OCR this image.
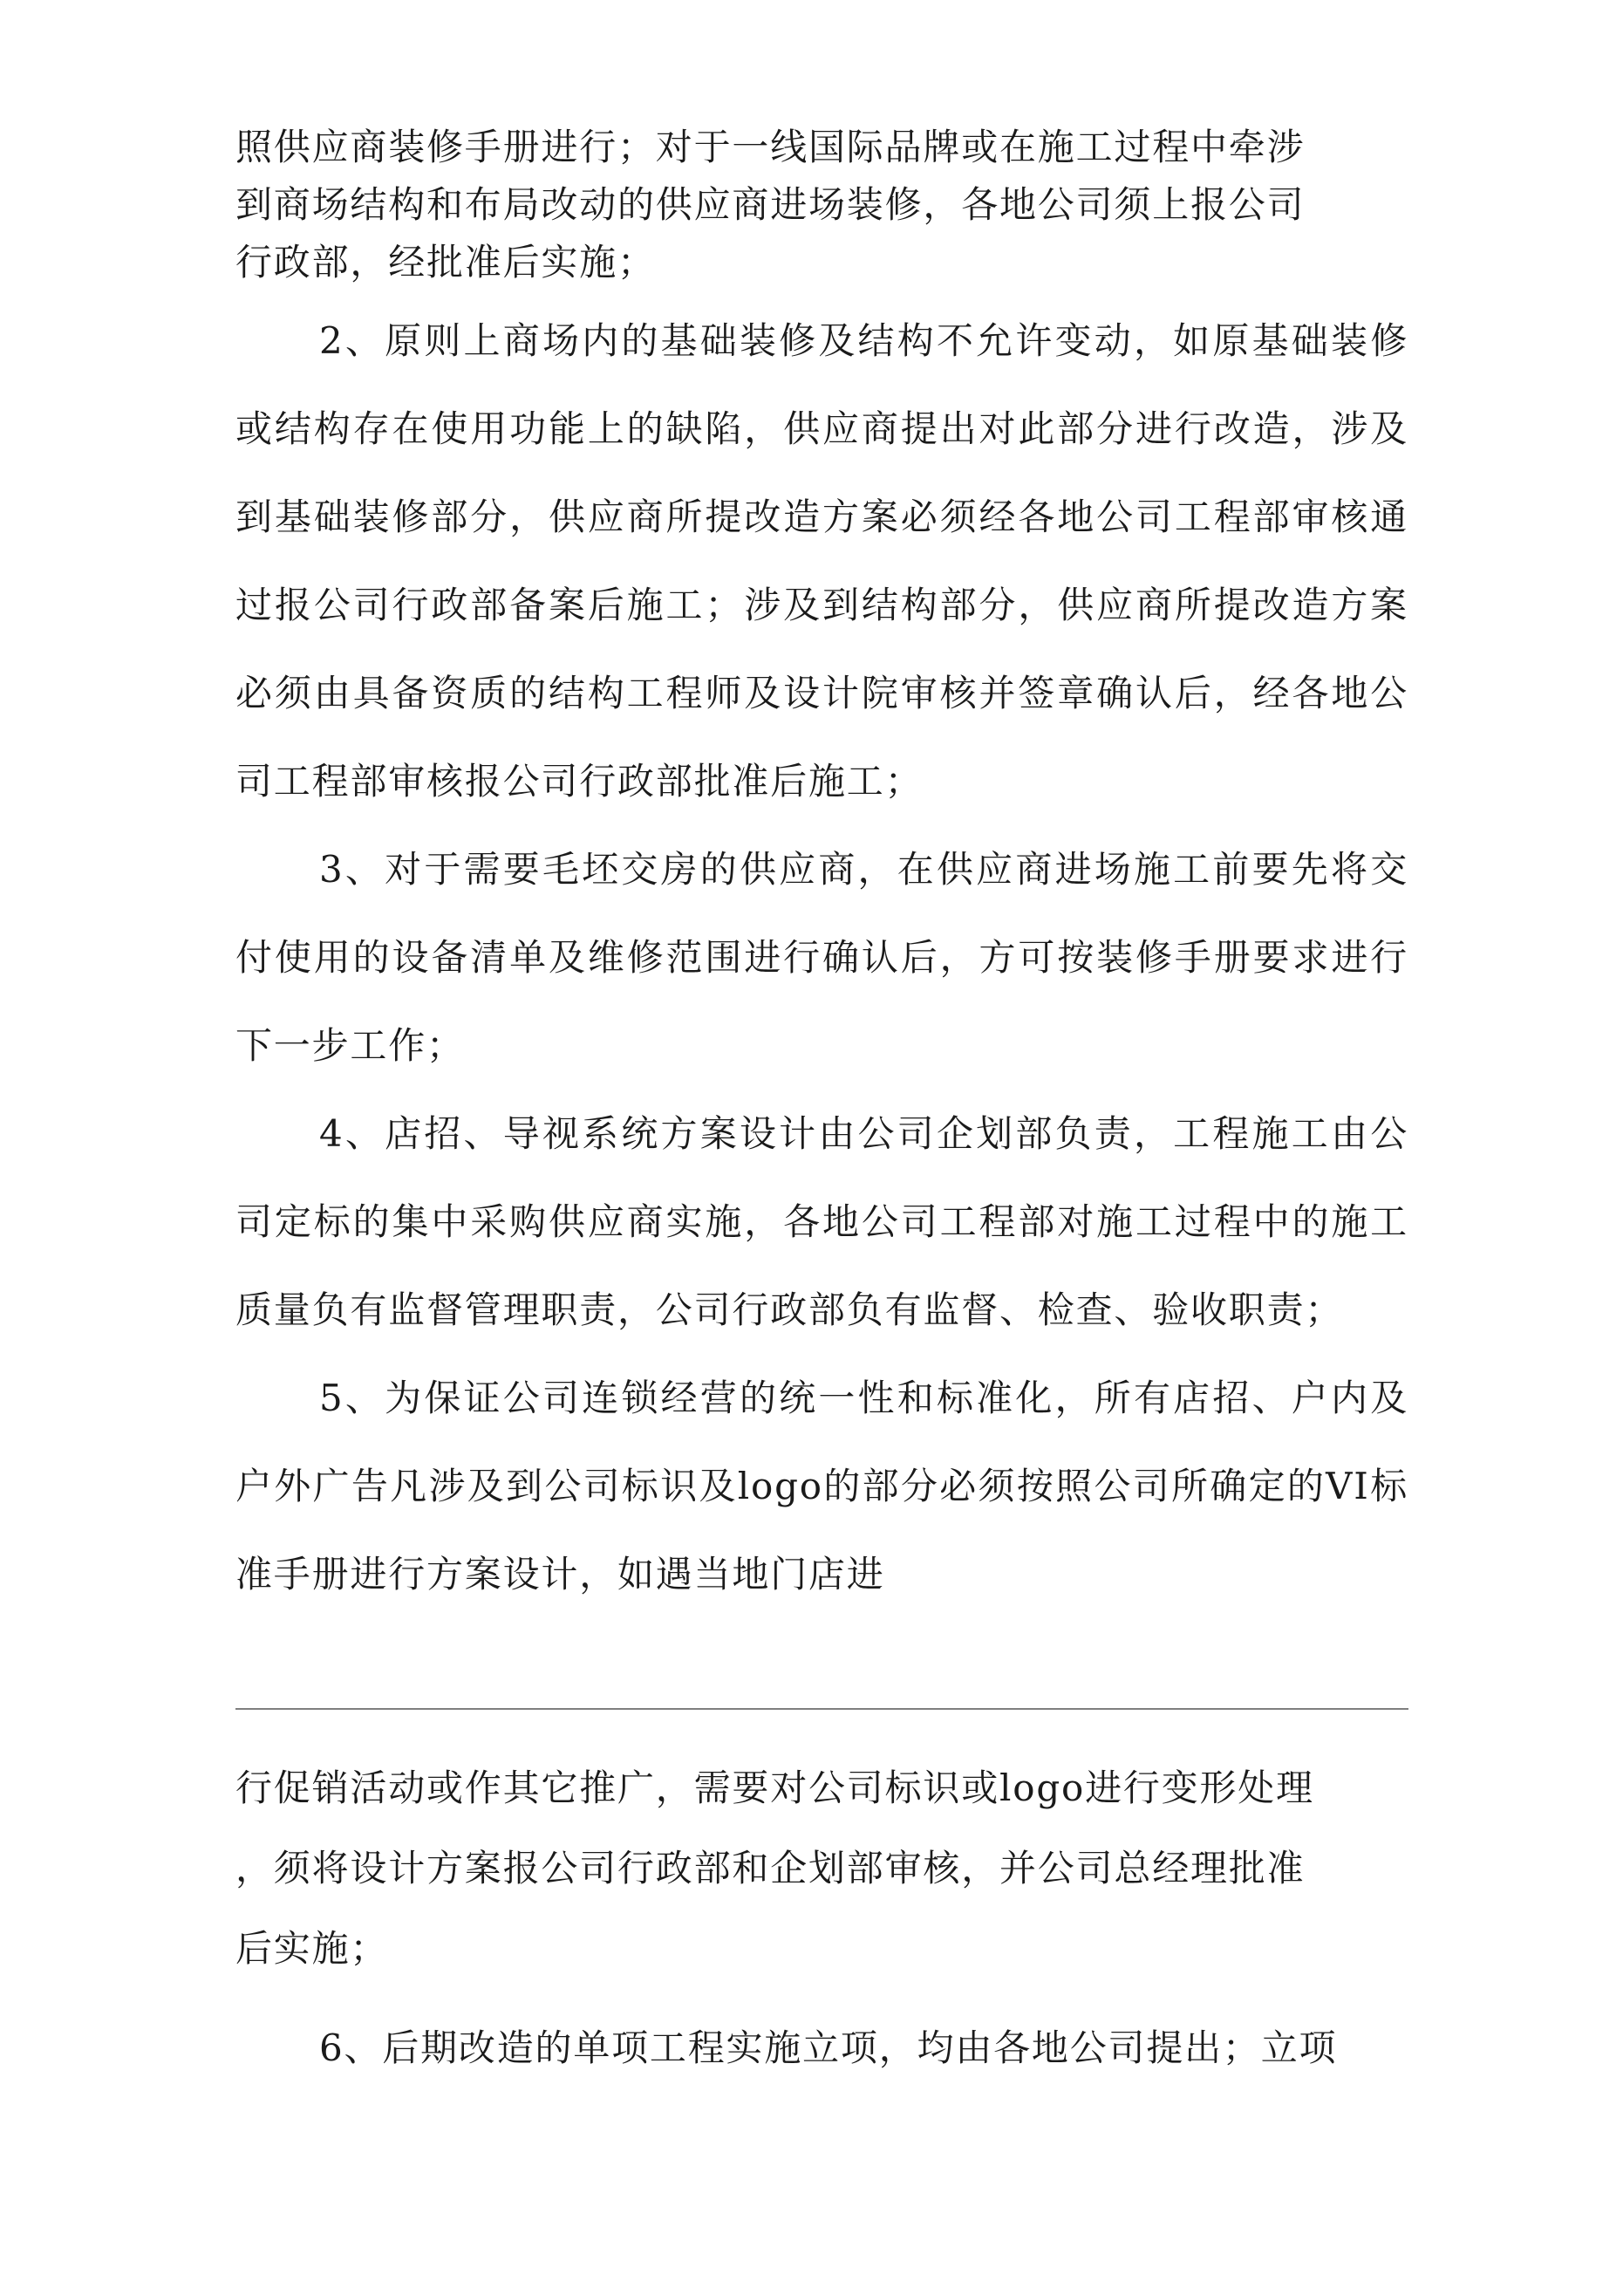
照供应商装修手册进行；对于一线国际品牌或在施工过程中牵涉

到商场结构和布局改动的供应商进场装修，各地公司须上报公司

行政部，经批准后实施；

2、原则上商场内的基础装修及结构不允许变动，如原基础装修或结构存在使用功能上的缺陷，供应商提出对此部分进行改造，涉及到基础装修部分，供应商所提改造方案必须经各地公司工程部审核通过报公司行政部备案后施工；涉及到结构部分，供应商所提改造方案必须由具备资质的结构工程师及设计院审核并签章确认后，经各地公司工程部审核报公司行政部批准后施工；

3、对于需要毛坯交房的供应商，在供应商进场施工前要先将交付使用的设备清单及维修范围进行确认后，方可按装修手册要求进行下一步工作；

4、店招、导视系统方案设计由公司企划部负责，工程施工由公司定标的集中采购供应商实施，各地公司工程部对施工过程中的施工质量负有监督管理职责，公司行政部负有监督、检查、验收职责；

5、为保证公司连锁经营的统一性和标准化，所有店招、户内及户外广告凡涉及到公司标识及logo的部分必须按照公司所确定的VI标准手册进行方案设计，如遇当地门店进

行促销活动或作其它推广，需要对公司标识或logo进行变形处理

，须将设计方案报公司行政部和企划部审核，并公司总经理批准

后实施；

6、后期改造的单项工程实施立项，均由各地公司提出；立项
